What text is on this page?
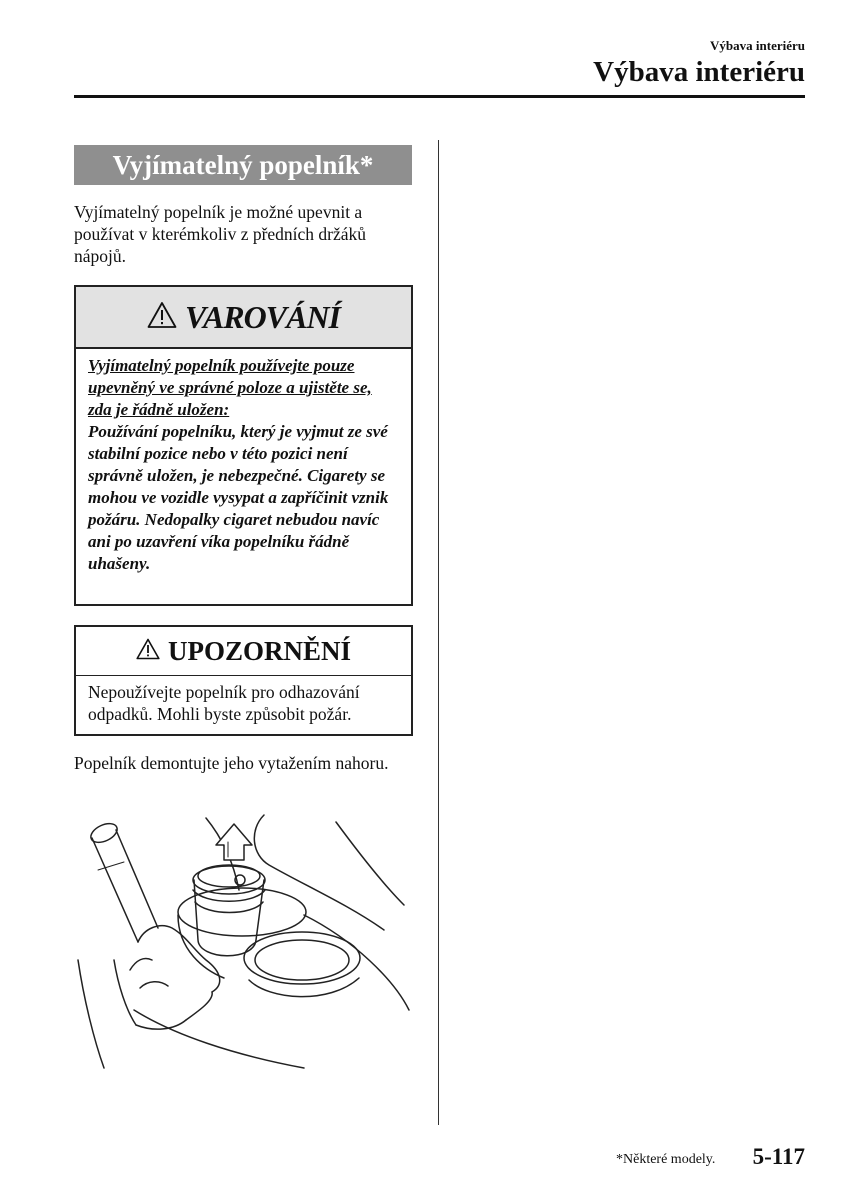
Výbava interiéru
Výbava interiéru
Vyjímatelný popelník*

Vyjímatelný popelník je možné upevnit a používat v kterémkoliv z předních držáků nápojů.

VAROVÁNÍ
Vyjímatelný popelník používejte pouze upevněný ve správné poloze a ujistěte se, zda je řádně uložen:
Používání popelníku, který je vyjmut ze své stabilní pozice nebo v této pozici není správně uložen, je nebezpečné. Cigarety se mohou ve vozidle vysypat a zapříčinit vznik požáru. Nedopalky cigaret nebudou navíc ani po uzavření víka popelníku řádně uhašeny.
UPOZORNĚNÍ
Nepoužívejte popelník pro odhazování odpadků. Mohli byste způsobit požár.

Popelník demontujte jeho vytažením nahoru.

*Některé modely. 5-117
